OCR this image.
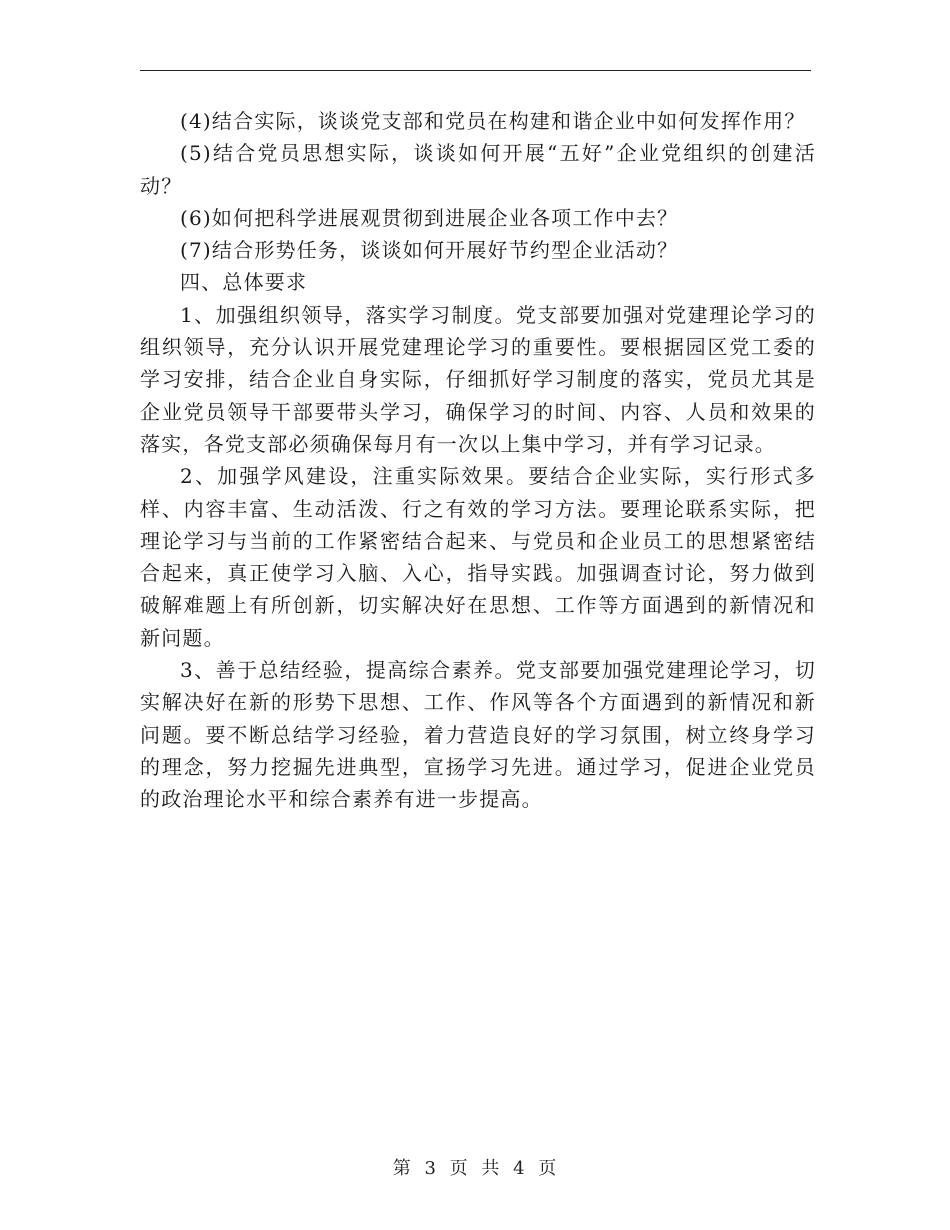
(4)结合实际，谈谈党支部和党员在构建和谐企业中如何发挥作用？

(5)结合党员思想实际，谈谈如何开展“五好”企业党组织的创建活动？

(6)如何把科学进展观贯彻到进展企业各项工作中去？

(7)结合形势任务，谈谈如何开展好节约型企业活动？

四、总体要求

1、加强组织领导，落实学习制度。党支部要加强对党建理论学习的组织领导，充分认识开展党建理论学习的重要性。要根据园区党工委的学习安排，结合企业自身实际，仔细抓好学习制度的落实，党员尤其是企业党员领导干部要带头学习，确保学习的时间、内容、人员和效果的落实，各党支部必须确保每月有一次以上集中学习，并有学习记录。

2、加强学风建设，注重实际效果。要结合企业实际，实行形式多样、内容丰富、生动活泼、行之有效的学习方法。要理论联系实际，把理论学习与当前的工作紧密结合起来、与党员和企业员工的思想紧密结合起来，真正使学习入脑、入心，指导实践。加强调查讨论，努力做到破解难题上有所创新，切实解决好在思想、工作等方面遇到的新情况和新问题。

3、善于总结经验，提高综合素养。党支部要加强党建理论学习，切实解决好在新的形势下思想、工作、作风等各个方面遇到的新情况和新问题。要不断总结学习经验，着力营造良好的学习氛围，树立终身学习的理念，努力挖掘先进典型，宣扬学习先进。通过学习，促进企业党员的政治理论水平和综合素养有进一步提高。

第 3 页 共 4 页
